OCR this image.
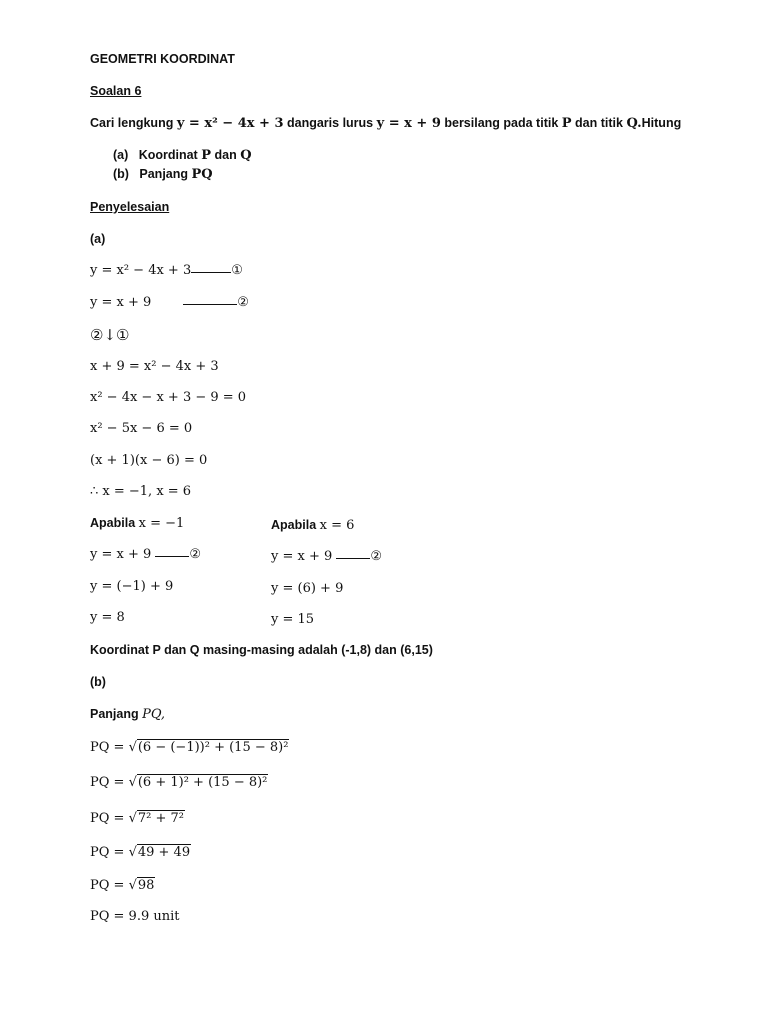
GEOMETRI KOORDINAT
Soalan 6
Cari lengkung y = x² − 4x + 3 dangaris lurus y = x + 9 bersilang pada titik P dan titik Q.Hitung
(a) Koordinat P dan Q
(b) Panjang PQ
Penyelesaian
(a)
y = x² − 4x + 3	①
y = x + 9	②
②↓①
x + 9 = x² − 4x + 3
x² − 4x − x + 3 − 9 = 0
x² − 5x − 6 = 0
(x + 1)(x − 6) = 0
∴ x = −1, x = 6
Apabila x = −1
y = x + 9	②
y = (−1) + 9
y = 8
Apabila x = 6
y = x + 9	②
y = (6) + 9
y = 15
Koordinat P dan Q masing-masing adalah (-1,8) dan (6,15)
(b)
Panjang PQ,
PQ = √(6 − (−1))² + (15 − 8)²
PQ = √(6 + 1)² + (15 − 8)²
PQ = √7² + 7²
PQ = √49 + 49
PQ = √98
PQ = 9.9 unit
